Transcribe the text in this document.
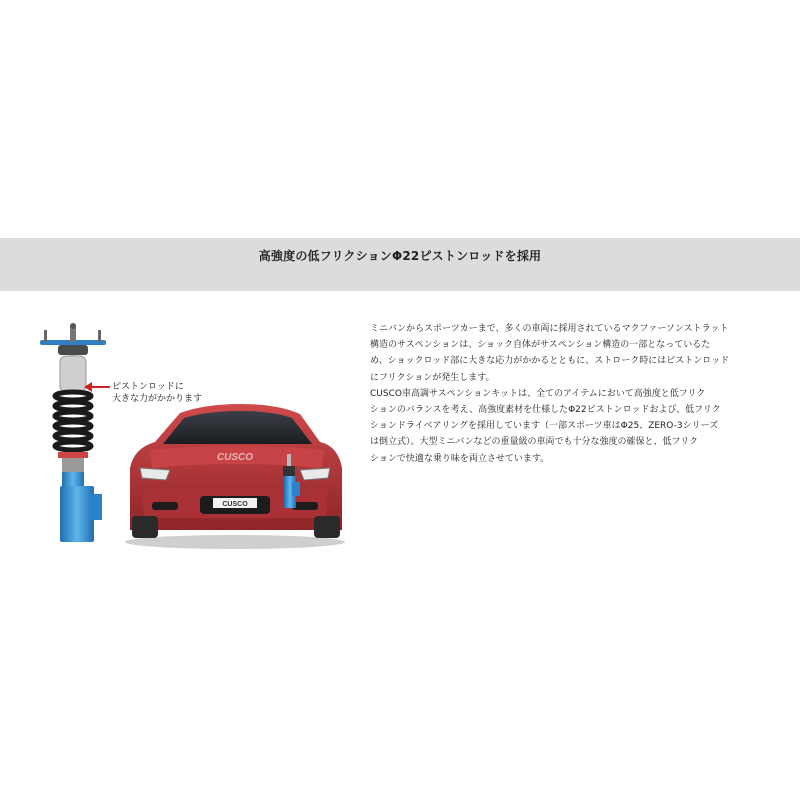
高強度の低フリクションΦ22ピストンロッドを採用
CUSCO
CUSCO
ピストンロッドに
大きな力がかかります
ミニバンからスポーツカーまで、多くの車両に採用されているマクファーソンストラット
構造のサスペンションは、ショック自体がサスペンション構造の一部となっているた
め、ショックロッド部に大きな応力がかかるとともに、ストローク時にはピストンロッド
にフリクションが発生します。
CUSCO車高調サスペンションキットは、全てのアイテムにおいて高強度と低フリク
ションのバランスを考え、高強度素材を仕様したΦ22ピストンロッドおよび、低フリク
ションドライベアリングを採用しています（一部スポーツ車はΦ25、ZERO-3シリーズ
は倒立式）。大型ミニバンなどの重量級の車両でも十分な強度の確保と、低フリク
ションで快適な乗り味を両立させています。
